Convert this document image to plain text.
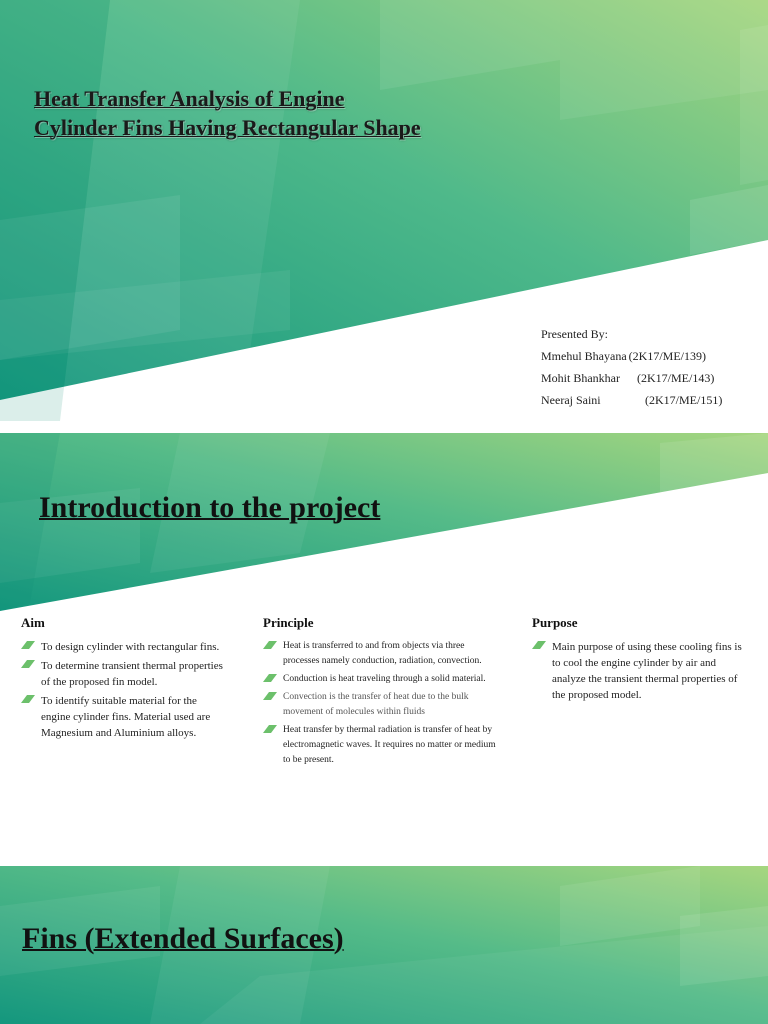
Heat Transfer Analysis of Engine
Cylinder Fins Having Rectangular Shape
Presented By:
Mmehul Bhayana (2K17/ME/139)
Mohit Bhankhar	(2K17/ME/143)
Neeraj Saini	(2K17/ME/151)
Introduction to the project
Aim
To design cylinder with rectangular fins.
To determine transient thermal properties of the proposed fin model.
To identify suitable material for the engine cylinder fins. Material used are Magnesium and Aluminium alloys.
Principle
Heat is transferred to and from objects via three processes namely conduction, radiation, convection.
Conduction is heat traveling through a solid material.
Convection is the transfer of heat due to the bulk movement of molecules within fluids
Heat transfer by thermal radiation is transfer of heat by electromagnetic waves. It requires no matter or medium to be present.
Purpose
Main purpose of using these cooling fins is to cool the engine cylinder by air and analyze the transient thermal properties of the proposed model.
Fins (Extended Surfaces)
